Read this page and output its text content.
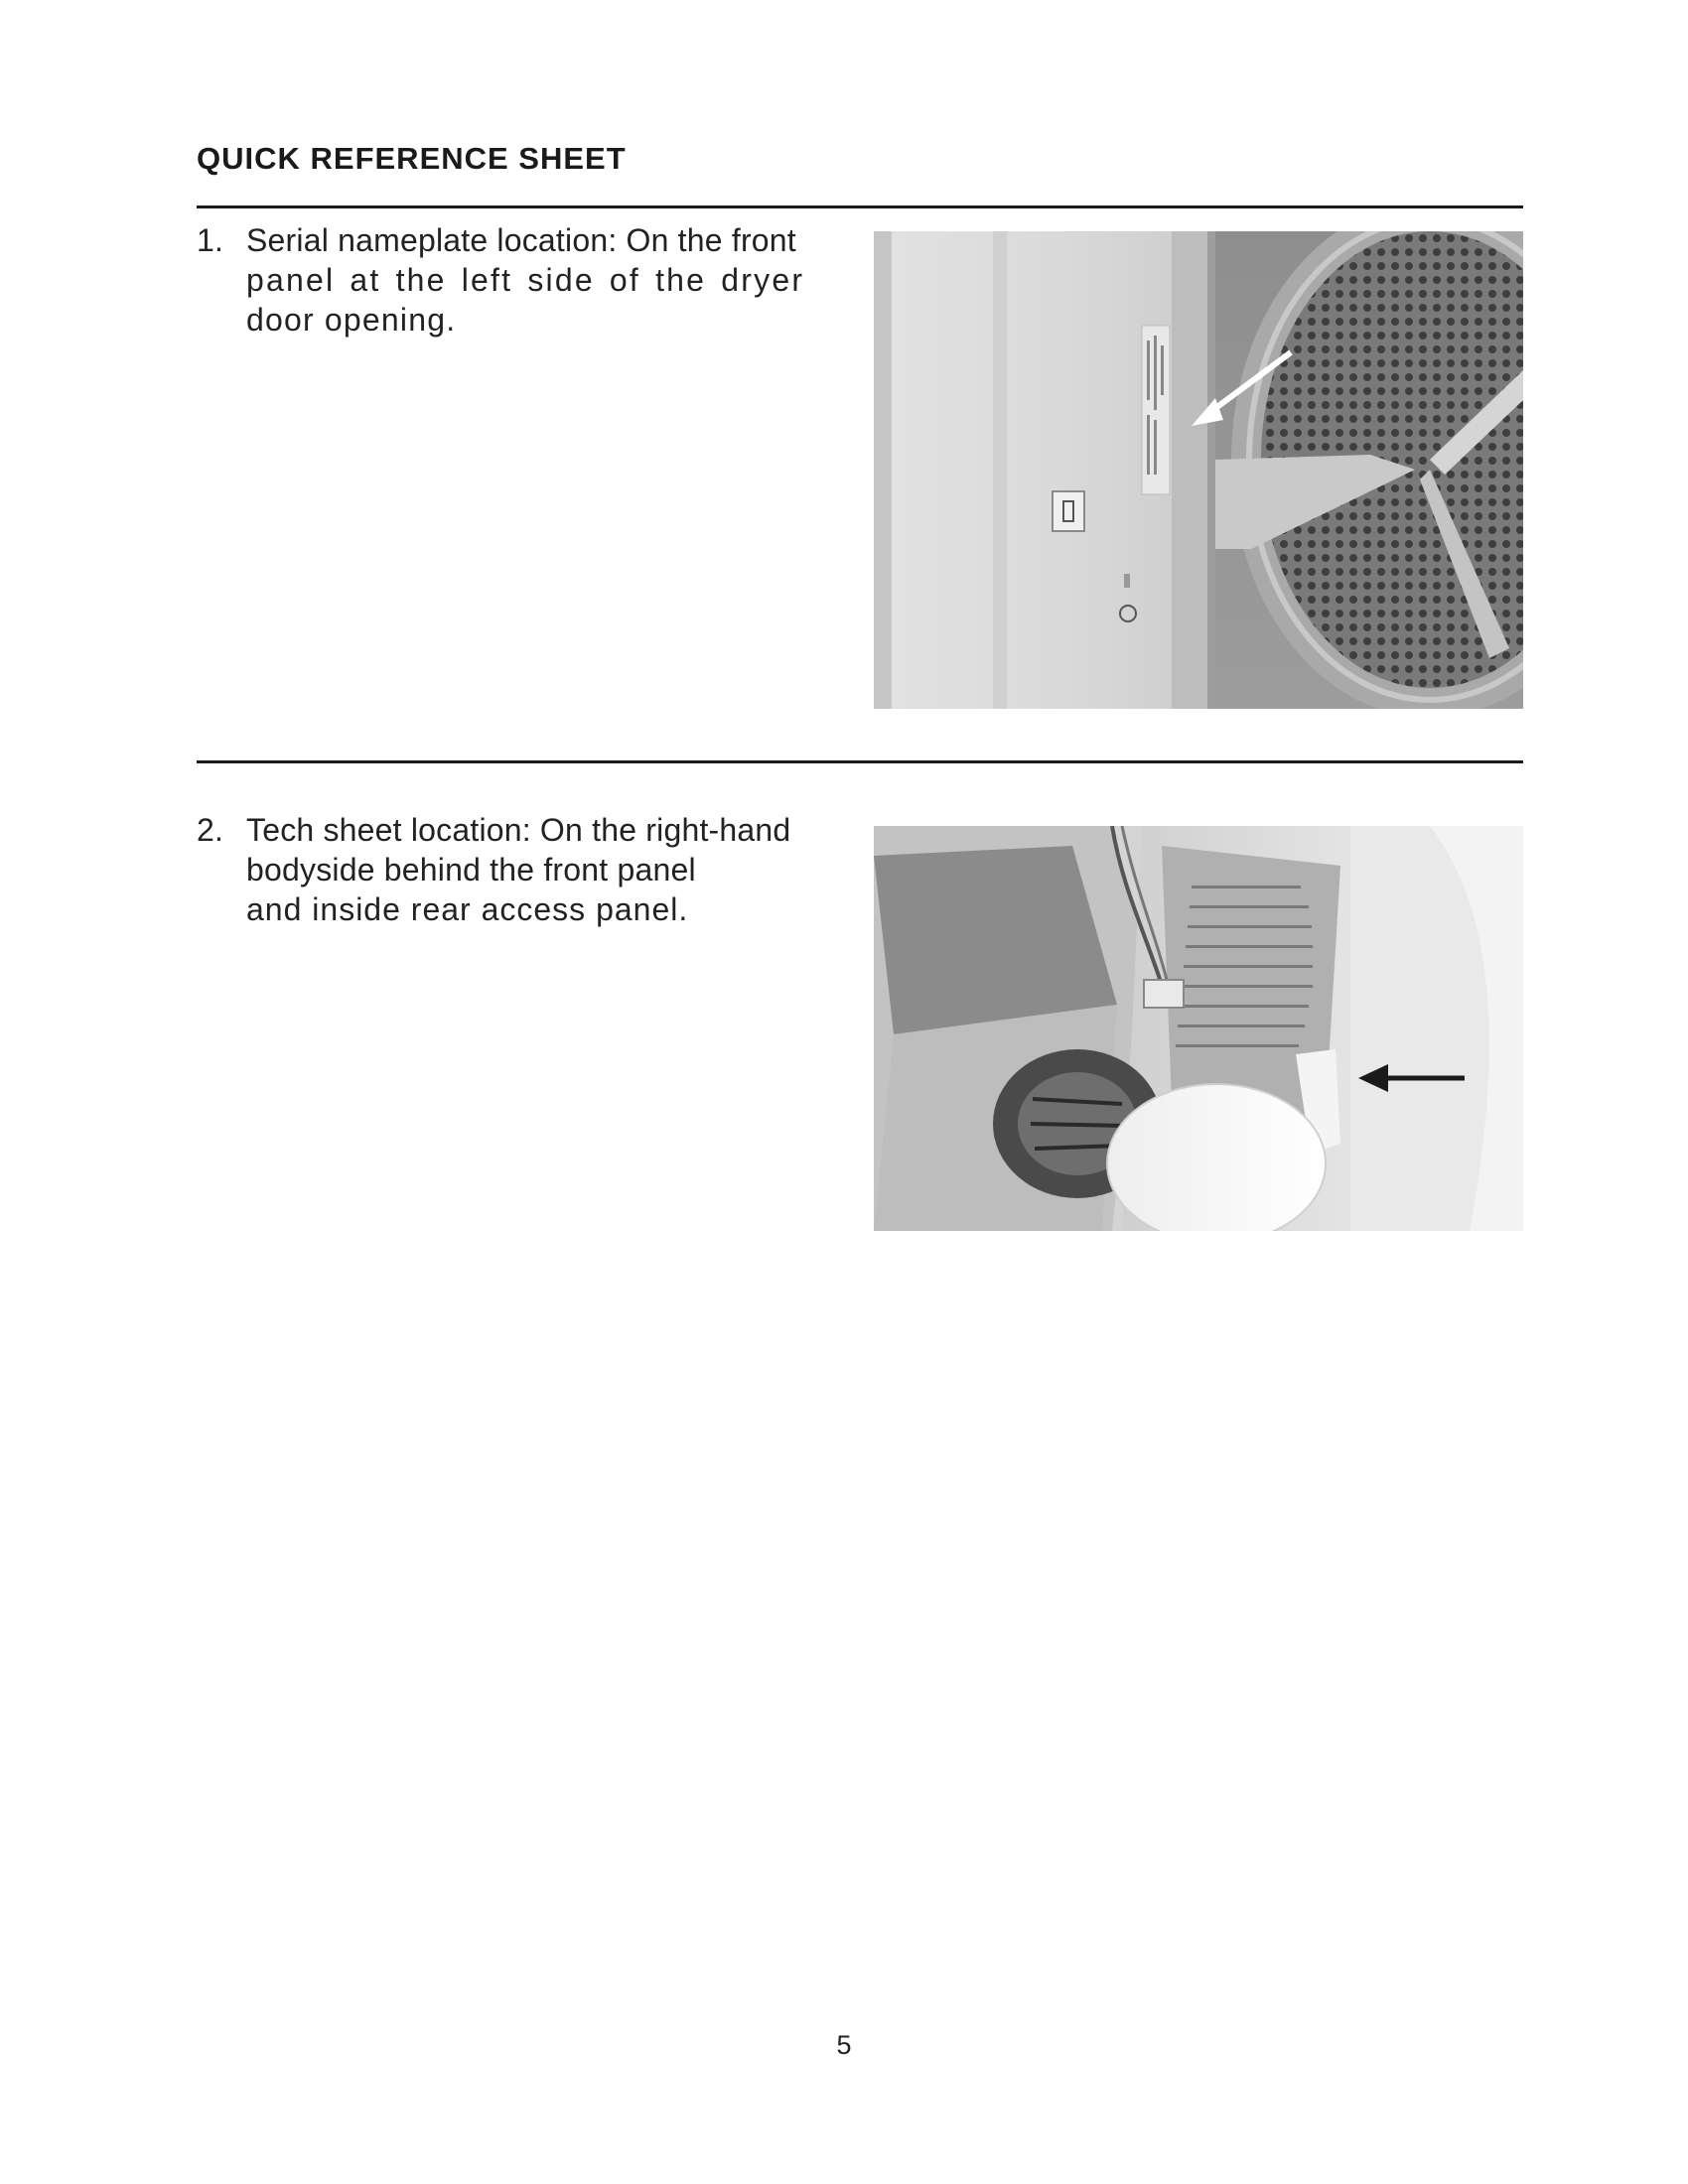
QUICK REFERENCE SHEET
1. Serial nameplate location: On the front
panel at the left side of the dryer
door opening.
2. Tech sheet location: On the right-hand
bodyside behind the front panel
and inside rear access panel.
5
